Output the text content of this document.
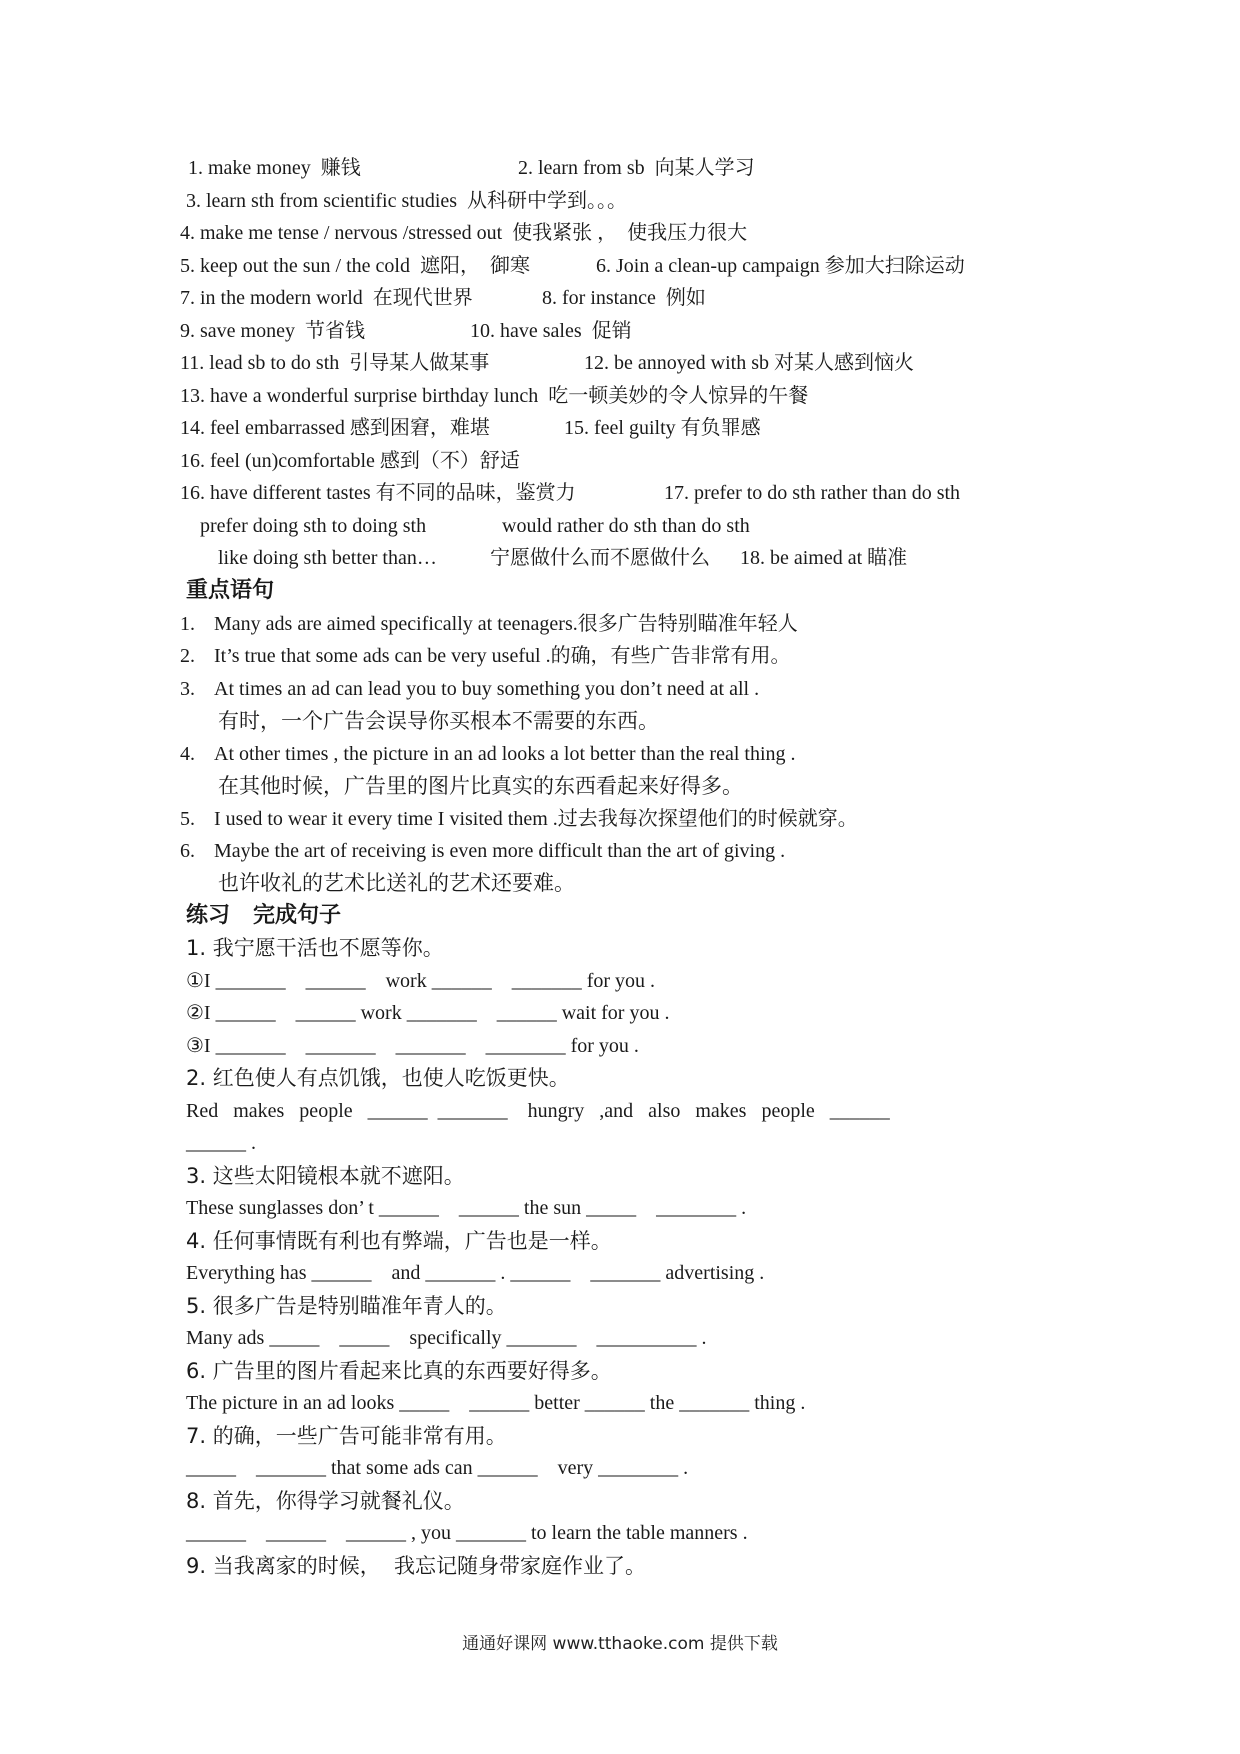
1. make money  赚钱	2. learn from sb  向某人学习
3. learn sth from scientific studies  从科研中学到。。。
4. make me tense / nervous /stressed out  使我紧张 ，  使我压力很大
5. keep out the sun / the cold  遮阳，  御寒	6. Join a clean-up campaign 参加大扫除运动
7. in the modern world  在现代世界	8. for instance  例如
9. save money  节省钱	10. have sales  促销
11. lead sb to do sth  引导某人做某事	12. be annoyed with sb 对某人感到恼火
13. have a wonderful surprise birthday lunch  吃一顿美妙的令人惊异的午餐
14. feel embarrassed 感到困窘，难堪	15. feel guilty 有负罪感
16. feel (un)comfortable 感到（不）舒适
16. have different tastes 有不同的品味，鉴赏力	17. prefer to do sth rather than do sth
prefer doing sth to doing sth	would rather do sth than do sth
like doing sth better than…	宁愿做什么而不愿做什么 18. be aimed at 瞄准
重点语句
1. Many ads are aimed specifically at teenagers.很多广告特别瞄准年轻人
2. It’s true that some ads can be very useful .的确，有些广告非常有用。
3. At times an ad can lead you to buy something you don’t need at all .
有时，一个广告会误导你买根本不需要的东西。
4. At other times , the picture in an ad looks a lot better than the real thing .
在其他时候，广告里的图片比真实的东西看起来好得多。
5. I used to wear it every time I visited them .过去我每次探望他们的时候就穿。
6. Maybe the art of receiving is even more difficult than the art of giving .
也许收礼的艺术比送礼的艺术还要难。
练习   完成句子
1. 我宁愿干活也不愿等你。
①I _______    ______    work ______    _______ for you .
②I ______    ______ work _______    ______ wait for you .
③I _______    _______    _______    ________ for you .
2. 红色使人有点饥饿，也使人吃饭更快。
Red   makes   people   ______  _______    hungry   ,and   also   makes   people   ______
______ .
3. 这些太阳镜根本就不遮阳。
These sunglasses don’ t ______    ______ the sun _____    ________ .
4. 任何事情既有利也有弊端，广告也是一样。
Everything has ______    and _______ . ______    _______ advertising .
5. 很多广告是特别瞄准年青人的。
Many ads _____    _____    specifically _______    __________ .
6. 广告里的图片看起来比真的东西要好得多。
The picture in an ad looks _____    ______ better ______ the _______ thing .
7. 的确，一些广告可能非常有用。
_____    _______ that some ads can ______    very ________ .
8. 首先，你得学习就餐礼仪。
______    ______    ______ , you _______ to learn the table manners .
9. 当我离家的时候，  我忘记随身带家庭作业了。
通通好课网 www.tthaoke.com 提供下载
